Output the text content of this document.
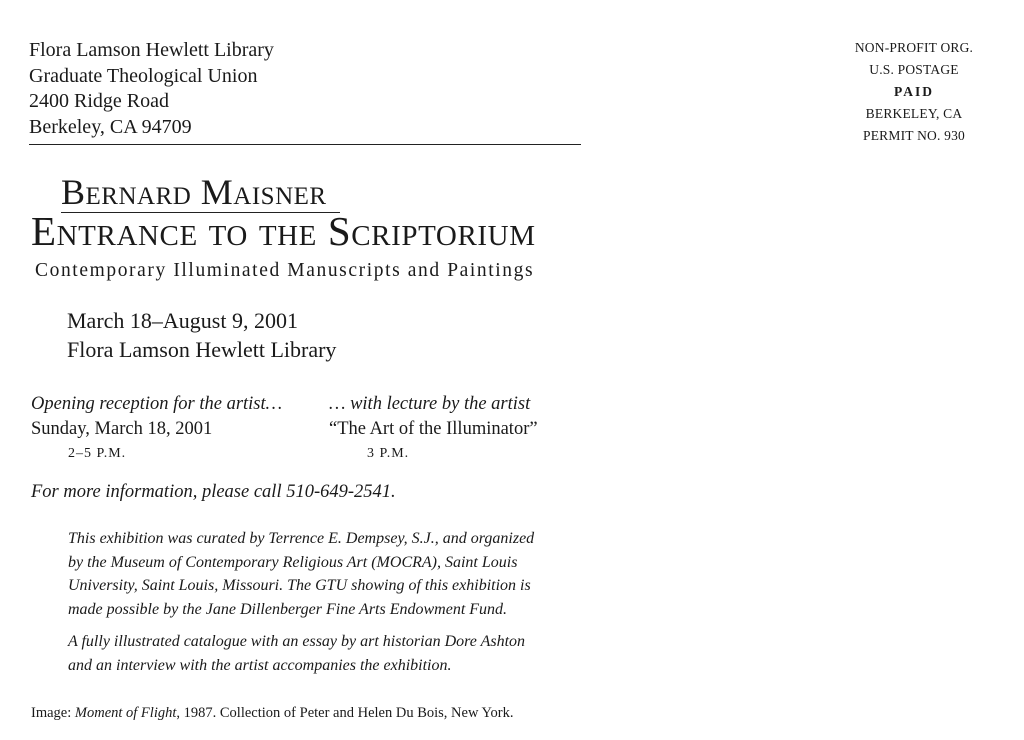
Flora Lamson Hewlett Library
Graduate Theological Union
2400 Ridge Road
Berkeley, CA 94709
NON-PROFIT ORG.
U.S. POSTAGE
PAID
BERKELEY, CA
PERMIT NO. 930
Bernard Maisner
Entrance to the Scriptorium
Contemporary Illuminated Manuscripts and Paintings
March 18–August 9, 2001
Flora Lamson Hewlett Library
Opening reception for the artist…
Sunday, March 18, 2001
2–5 P.M.
… with lecture by the artist
“The Art of the Illuminator”
3 P.M.
For more information, please call 510-649-2541.
This exhibition was curated by Terrence E. Dempsey, S.J., and organized
by the Museum of Contemporary Religious Art (MOCRA), Saint Louis
University, Saint Louis, Missouri. The GTU showing of this exhibition is
made possible by the Jane Dillenberger Fine Arts Endowment Fund.
A fully illustrated catalogue with an essay by art historian Dore Ashton
and an interview with the artist accompanies the exhibition.
Image: Moment of Flight, 1987. Collection of Peter and Helen Du Bois, New York.
